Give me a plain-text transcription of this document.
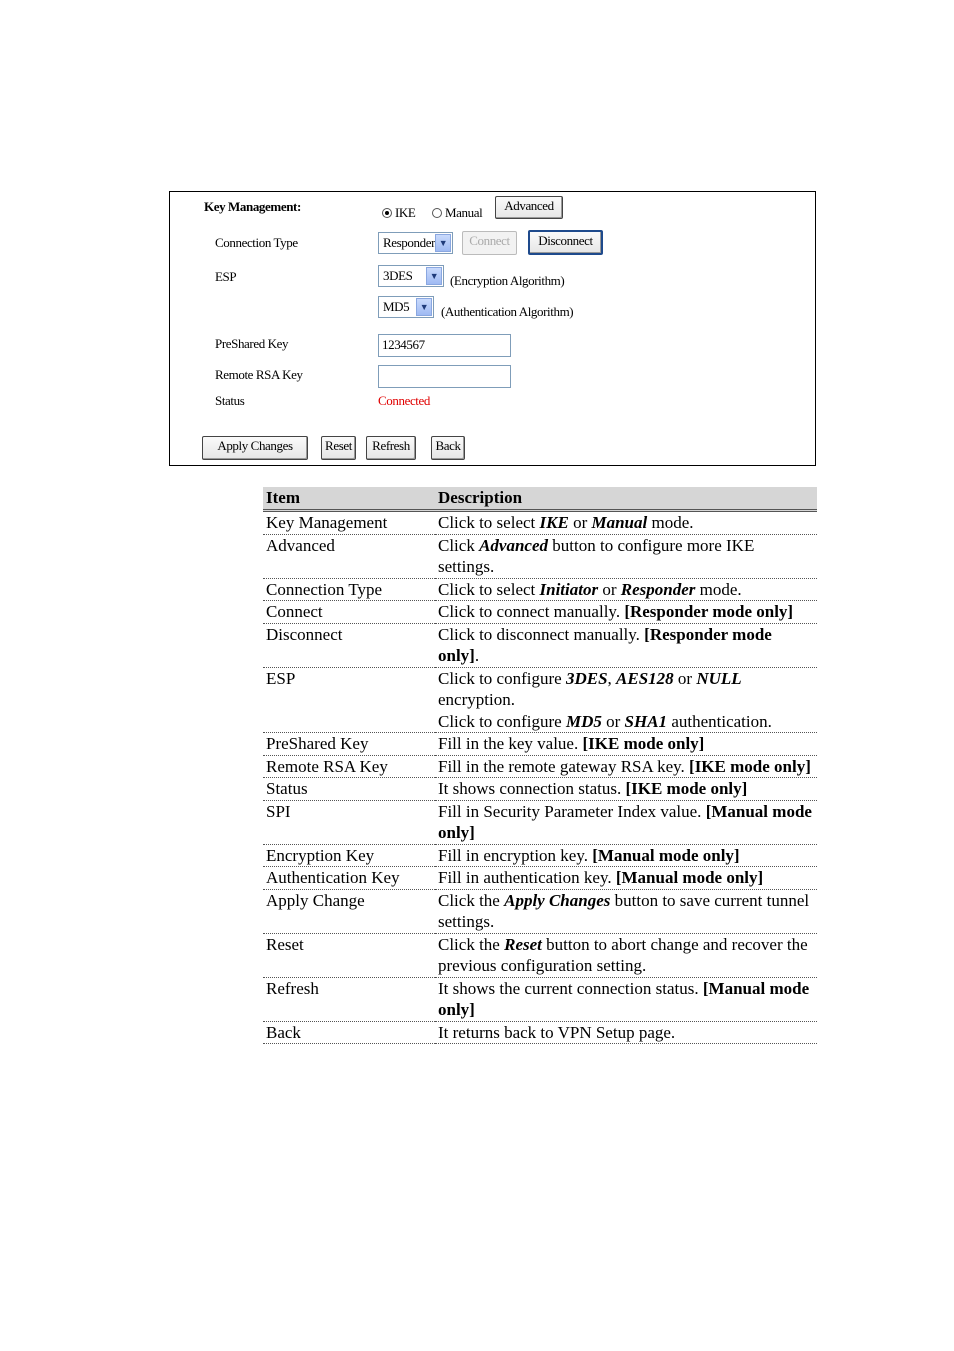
Key Management:	IKE Manual	Advanced
Connection Type	Responder ▼	Connect	Disconnect
ESP	3DES	▼ (Encryption Algorithm)
MD5	▼ (Authentication Algorithm)
PreShared Key	1234567
Remote RSA Key
Status	Connected
Apply Changes	Reset	Refresh	Back
Item	Description
Key Management	Click to select IKE or Manual mode.
Advanced	Click Advanced button to configure more IKE settings.
Connection Type	Click to select Initiator or Responder mode.
Connect	Click to connect manually. [Responder mode only]
Disconnect	Click to disconnect manually. [Responder mode only].
ESP	Click to configure 3DES, AES128 or NULL encryption.
Click to configure MD5 or SHA1 authentication.
PreShared Key	Fill in the key value. [IKE mode only]
Remote RSA Key	Fill in the remote gateway RSA key. [IKE mode only]
Status	It shows connection status. [IKE mode only]
SPI	Fill in Security Parameter Index value. [Manual mode only]
Encryption Key	Fill in encryption key. [Manual mode only]
Authentication Key	Fill in authentication key. [Manual mode only]
Apply Change	Click the Apply Changes button to save current tunnel settings.
Reset	Click the Reset button to abort change and recover the previous configuration setting.
Refresh	It shows the current connection status. [Manual mode only]
Back	It returns back to VPN Setup page.
